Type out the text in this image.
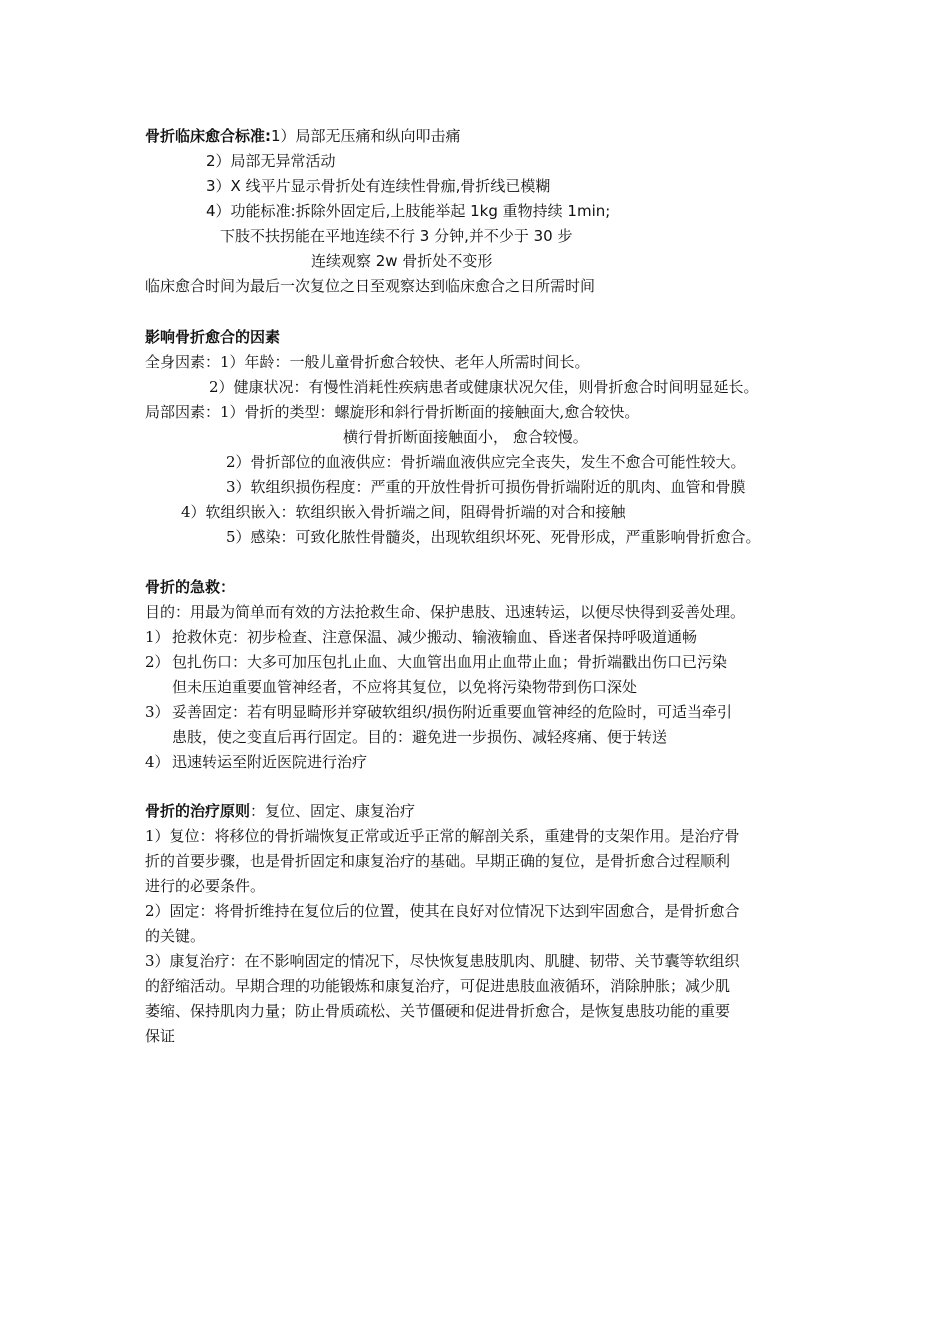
骨折临床愈合标准:1）局部无压痛和纵向叩击痛
2）局部无异常活动
3）X 线平片显示骨折处有连续性骨痂,骨折线已模糊
4）功能标准:拆除外固定后,上肢能举起 1kg 重物持续 1min;
下肢不扶拐能在平地连续不行 3 分钟,并不少于 30 步
连续观察 2w 骨折处不变形
临床愈合时间为最后一次复位之日至观察达到临床愈合之日所需时间
影响骨折愈合的因素
全身因素：1）年龄：一般儿童骨折愈合较快、老年人所需时间长。
2）健康状况：有慢性消耗性疾病患者或健康状况欠佳，则骨折愈合时间明显延长。
局部因素：1）骨折的类型：螺旋形和斜行骨折断面的接触面大,愈合较快。
横行骨折断面接触面小， 愈合较慢。
2）骨折部位的血液供应：骨折端血液供应完全丧失，发生不愈合可能性较大。
3）软组织损伤程度：严重的开放性骨折可损伤骨折端附近的肌肉、血管和骨膜
4）软组织嵌入：软组织嵌入骨折端之间，阻碍骨折端的对合和接触
5）感染：可致化脓性骨髓炎，出现软组织坏死、死骨形成，严重影响骨折愈合。
骨折的急救：
目的：用最为简单而有效的方法抢救生命、保护患肢、迅速转运，以便尽快得到妥善处理。
1） 抢救休克：初步检查、注意保温、减少搬动、输液输血、昏迷者保持呼吸道通畅
2） 包扎伤口：大多可加压包扎止血、大血管出血用止血带止血；骨折端戳出伤口已污染
但未压迫重要血管神经者，不应将其复位，以免将污染物带到伤口深处
3） 妥善固定：若有明显畸形并穿破软组织/损伤附近重要血管神经的危险时，可适当牵引
患肢，使之变直后再行固定。目的：避免进一步损伤、减轻疼痛、便于转送
4） 迅速转运至附近医院进行治疗
骨折的治疗原则：复位、固定、康复治疗
1）复位：将移位的骨折端恢复正常或近乎正常的解剖关系，重建骨的支架作用。是治疗骨
折的首要步骤，也是骨折固定和康复治疗的基础。早期正确的复位，是骨折愈合过程顺利
进行的必要条件。
2）固定：将骨折维持在复位后的位置，使其在良好对位情况下达到牢固愈合，是骨折愈合
的关键。
3）康复治疗：在不影响固定的情况下，尽快恢复患肢肌肉、肌腱、韧带、关节囊等软组织
的舒缩活动。早期合理的功能锻炼和康复治疗，可促进患肢血液循环，消除肿胀；减少肌
萎缩、保持肌肉力量；防止骨质疏松、关节僵硬和促进骨折愈合，是恢复患肢功能的重要
保证
